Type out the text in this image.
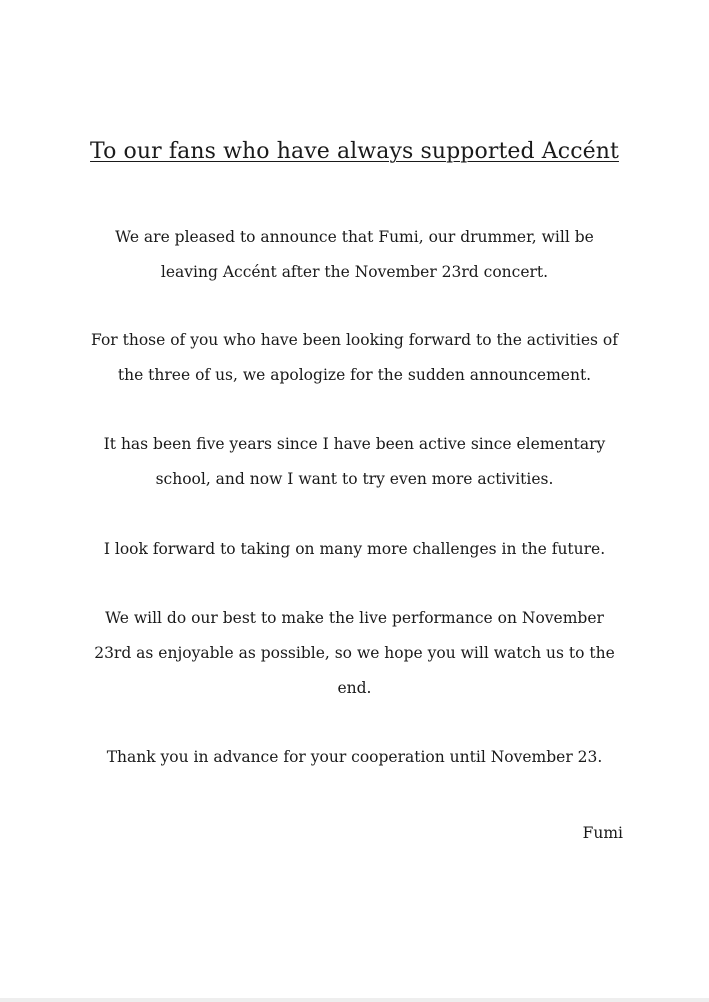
To our fans who have always supported Accént
We are pleased to announce that Fumi, our drummer, will be
leaving Accént after the November 23rd concert.
For those of you who have been looking forward to the activities of
the three of us, we apologize for the sudden announcement.
It has been five years since I have been active since elementary
school, and now I want to try even more activities.
I look forward to taking on many more challenges in the future.
We will do our best to make the live performance on November
23rd as enjoyable as possible, so we hope you will watch us to the
end.
Thank you in advance for your cooperation until November 23.
Fumi
